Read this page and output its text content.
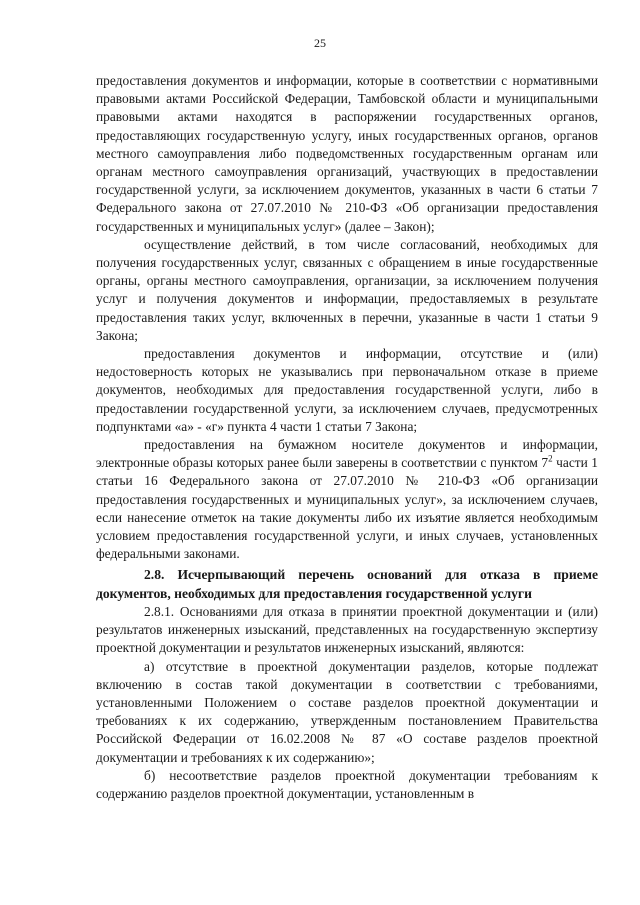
25

предоставления документов и информации, которые в соответствии с нормативными правовыми актами Российской Федерации, Тамбовской области и муниципальными правовыми актами находятся в распоряжении государственных органов, предоставляющих государственную услугу, иных государственных органов, органов местного самоуправления либо подведомственных государственным органам или органам местного самоуправления организаций, участвующих в предоставлении государственной услуги, за исключением документов, указанных в части 6 статьи 7 Федерального закона от 27.07.2010 № 210-ФЗ «Об организации предоставления государственных и муниципальных услуг» (далее – Закон);

осуществление действий, в том числе согласований, необходимых для получения государственных услуг, связанных с обращением в иные государственные органы, органы местного самоуправления, организации, за исключением получения услуг и получения документов и информации, предоставляемых в результате предоставления таких услуг, включенных в перечни, указанные в части 1 статьи 9 Закона;

предоставления документов и информации, отсутствие и (или) недостоверность которых не указывались при первоначальном отказе в приеме документов, необходимых для предоставления государственной услуги, либо в предоставлении государственной услуги, за исключением случаев, предусмотренных подпунктами «а» - «г» пункта 4 части 1 статьи 7 Закона;

предоставления на бумажном носителе документов и информации, электронные образы которых ранее были заверены в соответствии с пунктом $7^2$ части 1 статьи 16 Федерального закона от 27.07.2010 № 210-ФЗ «Об организации предоставления государственных и муниципальных услуг», за исключением случаев, если нанесение отметок на такие документы либо их изъятие является необходимым условием предоставления государственной услуги, и иных случаев, установленных федеральными законами.

2.8. Исчерпывающий перечень оснований для отказа в приеме документов, необходимых для предоставления государственной услуги

2.8.1. Основаниями для отказа в принятии проектной документации и (или) результатов инженерных изысканий, представленных на государственную экспертизу проектной документации и результатов инженерных изысканий, являются:

а) отсутствие в проектной документации разделов, которые подлежат включению в состав такой документации в соответствии с требованиями, установленными Положением о составе разделов проектной документации и требованиях к их содержанию, утвержденным постановлением Правительства Российской Федерации от 16.02.2008 № 87 «О составе разделов проектной документации и требованиях к их содержанию»;

б) несоответствие разделов проектной документации требованиям к содержанию разделов проектной документации, установленным в
